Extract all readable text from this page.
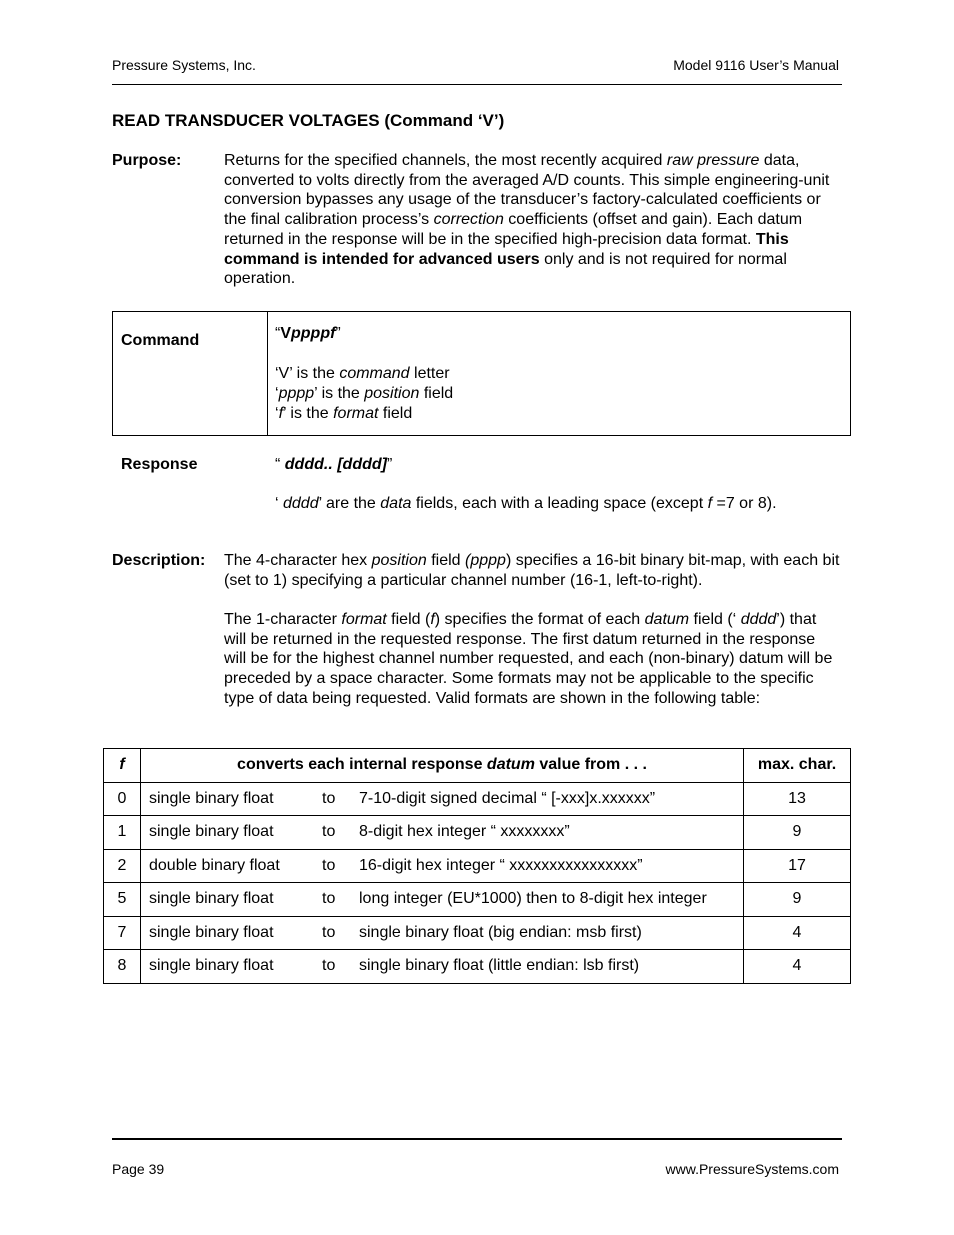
Pressure Systems, Inc.	Model 9116 User’s Manual
READ TRANSDUCER VOLTAGES (Command ‘V’)
Purpose:	Returns for the specified channels, the most recently acquired raw pressure data, converted to volts directly from the averaged A/D counts. This simple engineering-unit conversion bypasses any usage of the transducer’s factory-calculated coefficients or the final calibration process’s correction coefficients (offset and gain). Each datum returned in the response will be in the specified high-precision data format. This command is intended for advanced users only and is not required for normal operation.
Command	“Vppppf”
‘V’ is the command letter
‘pppp’ is the position field
‘f’ is the format field
Response	“ dddd.. [dddd]”
‘ dddd’ are the data fields, each with a leading space (except f =7 or 8).
Description: The 4-character hex position field (pppp) specifies a 16-bit binary bit-map, with each bit (set to 1) specifying a particular channel number (16-1, left-to-right).
The 1-character format field (f) specifies the format of each datum field (‘ dddd’) that will be returned in the requested response. The first datum returned in the response will be for the highest channel number requested, and each (non-binary) datum will be preceded by a space character. Some formats may not be applicable to the specific type of data being requested. Valid formats are shown in the following table:
f	converts each internal response datum value from . . .	max. char.
0	single binary float to 7-10-digit signed decimal “ [-xxx]x.xxxxxx”	13
1	single binary float to 8-digit hex integer “ xxxxxxxx”	9
2	double binary float to 16-digit hex integer “ xxxxxxxxxxxxxxxx”	17
5	single binary float to long integer (EU*1000) then to 8-digit hex integer	9
7	single binary float to single binary float (big endian: msb first)	4
8	single binary float to single binary float (little endian: lsb first)	4
Page 39	www.PressureSystems.com
